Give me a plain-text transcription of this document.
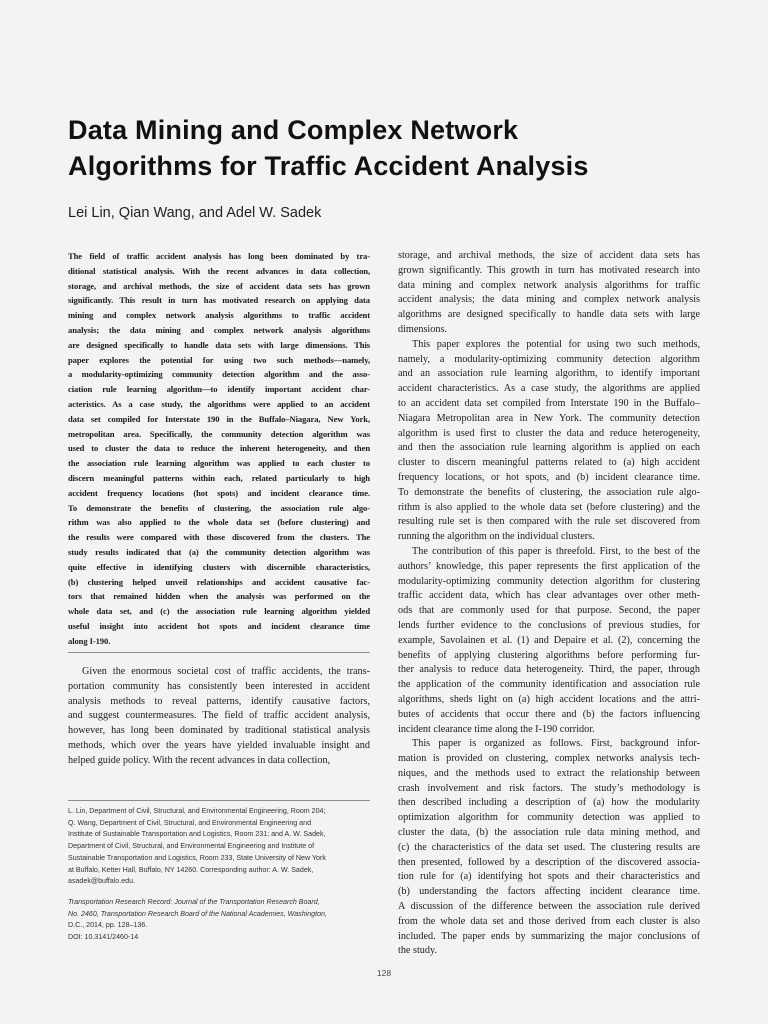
Data Mining and Complex Network
Algorithms for Traffic Accident Analysis

Lei Lin, Qian Wang, and Adel W. Sadek

The field of traffic accident analysis has long been dominated by tra-
ditional statistical analysis. With the recent advances in data collection,
storage, and archival methods, the size of accident data sets has grown
significantly. This result in turn has motivated research on applying data
mining and complex network analysis algorithms to traffic accident
analysis; the data mining and complex network analysis algorithms
are designed specifically to handle data sets with large dimensions. This
paper explores the potential for using two such methods—namely,
a modularity-optimizing community detection algorithm and the asso-
ciation rule learning algorithm—to identify important accident char-
acteristics. As a case study, the algorithms were applied to an accident
data set compiled for Interstate 190 in the Buffalo–Niagara, New York,
metropolitan area. Specifically, the community detection algorithm was
used to cluster the data to reduce the inherent heterogeneity, and then
the association rule learning algorithm was applied to each cluster to
discern meaningful patterns within each, related particularly to high
accident frequency locations (hot spots) and incident clearance time.
To demonstrate the benefits of clustering, the association rule algo-
rithm was also applied to the whole data set (before clustering) and
the results were compared with those discovered from the clusters. The
study results indicated that (a) the community detection algorithm was
quite effective in identifying clusters with discernible characteristics,
(b) clustering helped unveil relationships and accident causative fac-
tors that remained hidden when the analysis was performed on the
whole data set, and (c) the association rule learning algorithm yielded
useful insight into accident hot spots and incident clearance time
along I-190.
Given the enormous societal cost of traffic accidents, the trans-
portation community has consistently been interested in accident
analysis methods to reveal patterns, identify causative factors,
and suggest countermeasures. The field of traffic accident analysis,
however, has long been dominated by traditional statistical analysis
methods, which over the years have yielded invaluable insight and
helped guide policy. With the recent advances in data collection,
L. Lin, Department of Civil, Structural, and Environmental Engineering, Room 204;
Q. Wang, Department of Civil, Structural, and Environmental Engineering and
Institute of Sustainable Transportation and Logistics, Room 231; and A. W. Sadek,
Department of Civil, Structural, and Environmental Engineering and Institute of
Sustainable Transportation and Logistics, Room 233, State University of New York
at Buffalo, Ketter Hall, Buffalo, NY 14260. Corresponding author: A. W. Sadek,
asadek@buffalo.edu.
Transportation Research Record: Journal of the Transportation Research Board,
No. 2460, Transportation Research Board of the National Academies, Washington,
D.C., 2014, pp. 128–136.
DOI: 10.3141/2460-14
storage, and archival methods, the size of accident data sets has
grown significantly. This growth in turn has motivated research into
data mining and complex network analysis algorithms for traffic
accident analysis; the data mining and complex network analysis
algorithms are designed specifically to handle data sets with large
dimensions.
This paper explores the potential for using two such methods,
namely, a modularity-optimizing community detection algorithm
and an association rule learning algorithm, to identify important
accident characteristics. As a case study, the algorithms are applied
to an accident data set compiled from Interstate 190 in the Buffalo–
Niagara Metropolitan area in New York. The community detection
algorithm is used first to cluster the data and reduce heterogeneity,
and then the association rule learning algorithm is applied on each
cluster to discern meaningful patterns related to (a) high accident
frequency locations, or hot spots, and (b) incident clearance time.
To demonstrate the benefits of clustering, the association rule algo-
rithm is also applied to the whole data set (before clustering) and the
resulting rule set is then compared with the rule set discovered from
running the algorithm on the individual clusters.
The contribution of this paper is threefold. First, to the best of the
authors’ knowledge, this paper represents the first application of the
modularity-optimizing community detection algorithm for clustering
traffic accident data, which has clear advantages over other meth-
ods that are commonly used for that purpose. Second, the paper
lends further evidence to the conclusions of previous studies, for
example, Savolainen et al. (1) and Depaire et al. (2), concerning the
benefits of applying clustering algorithms before performing fur-
ther analysis to reduce data heterogeneity. Third, the paper, through
the application of the community identification and association rule
algorithms, sheds light on (a) high accident locations and the attri-
butes of accidents that occur there and (b) the factors influencing
incident clearance time along the I-190 corridor.
This paper is organized as follows. First, background infor-
mation is provided on clustering, complex networks analysis tech-
niques, and the methods used to extract the relationship between
crash involvement and risk factors. The study’s methodology is
then described including a description of (a) how the modularity
optimization algorithm for community detection was applied to
cluster the data, (b) the association rule data mining method, and
(c) the characteristics of the data set used. The clustering results are
then presented, followed by a description of the discovered associa-
tion rule for (a) identifying hot spots and their characteristics and
(b) understanding the factors affecting incident clearance time.
A discussion of the difference between the association rule derived
from the whole data set and those derived from each cluster is also
included. The paper ends by summarizing the major conclusions of
the study.
128
